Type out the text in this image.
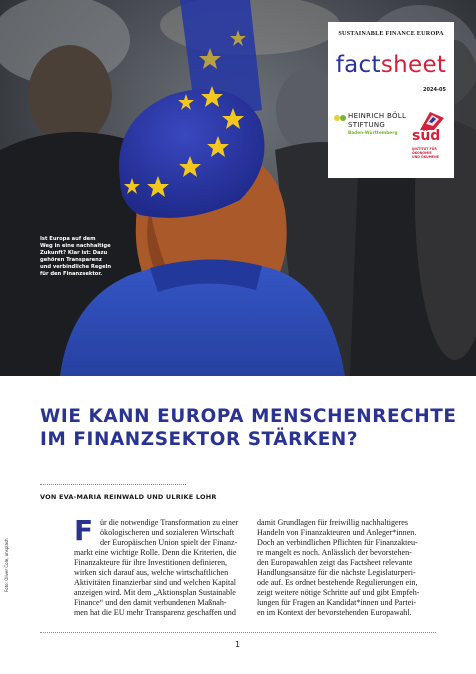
Ist Europa auf dem
Weg in eine nachhaltige
Zukunft? Klar ist: Dazu
gehören Transparenz
und verbindliche Regeln
für den Finanzsektor.
SUSTAINABLE FINANCE EUROPA
factsheet
2024-05
HEINRICH BÖLL
STIFTUNG
Baden-Württemberg süd
INSTITUT FÜR ÖKONOMIE
UND ÖKUMENE
WIE KANN EUROPA MENSCHENRECHTE
IM FINANZSEKTOR STÄRKEN?
VON EVA-MARIA REINWALD UND ULRIKE LOHR
F ür die notwendige Transformation zu einer
ökologischeren und sozialeren Wirtschaft
der Europäischen Union spielt der Finanz-
markt eine wichtige Rolle. Denn die Kriterien, die
Finanzakteure für ihre Investitionen definieren,
wirken sich darauf aus, welche wirtschaftlichen
Aktivitäten finanzierbar sind und welchen Kapital
anzeigen wird. Mit dem „Aktionsplan Sustainable
Finance“ und den damit verbundenen Maßnah-
men hat die EU mehr Transparenz geschaffen und
damit Grundlagen für freiwillig nachhaltigeres
Handeln von Finanzakteuren und Anleger*innen.
Doch an verbindlichen Pflichten für Finanzakteu-
re mangelt es noch. Anlässlich der bevorstehen-
den Europawahlen zeigt das Factsheet relevante
Handlungsansätze für die nächste Legislaturperi-
ode auf. Es ordnet bestehende Regulierungen ein,
zeigt weitere nötige Schritte auf und gibt Empfeh-
lungen für Fragen an Kandidat*innen und Partei-
en im Kontext der bevorstehenden Europawahl.
Foto: Oliver Cole, unsplash
1
